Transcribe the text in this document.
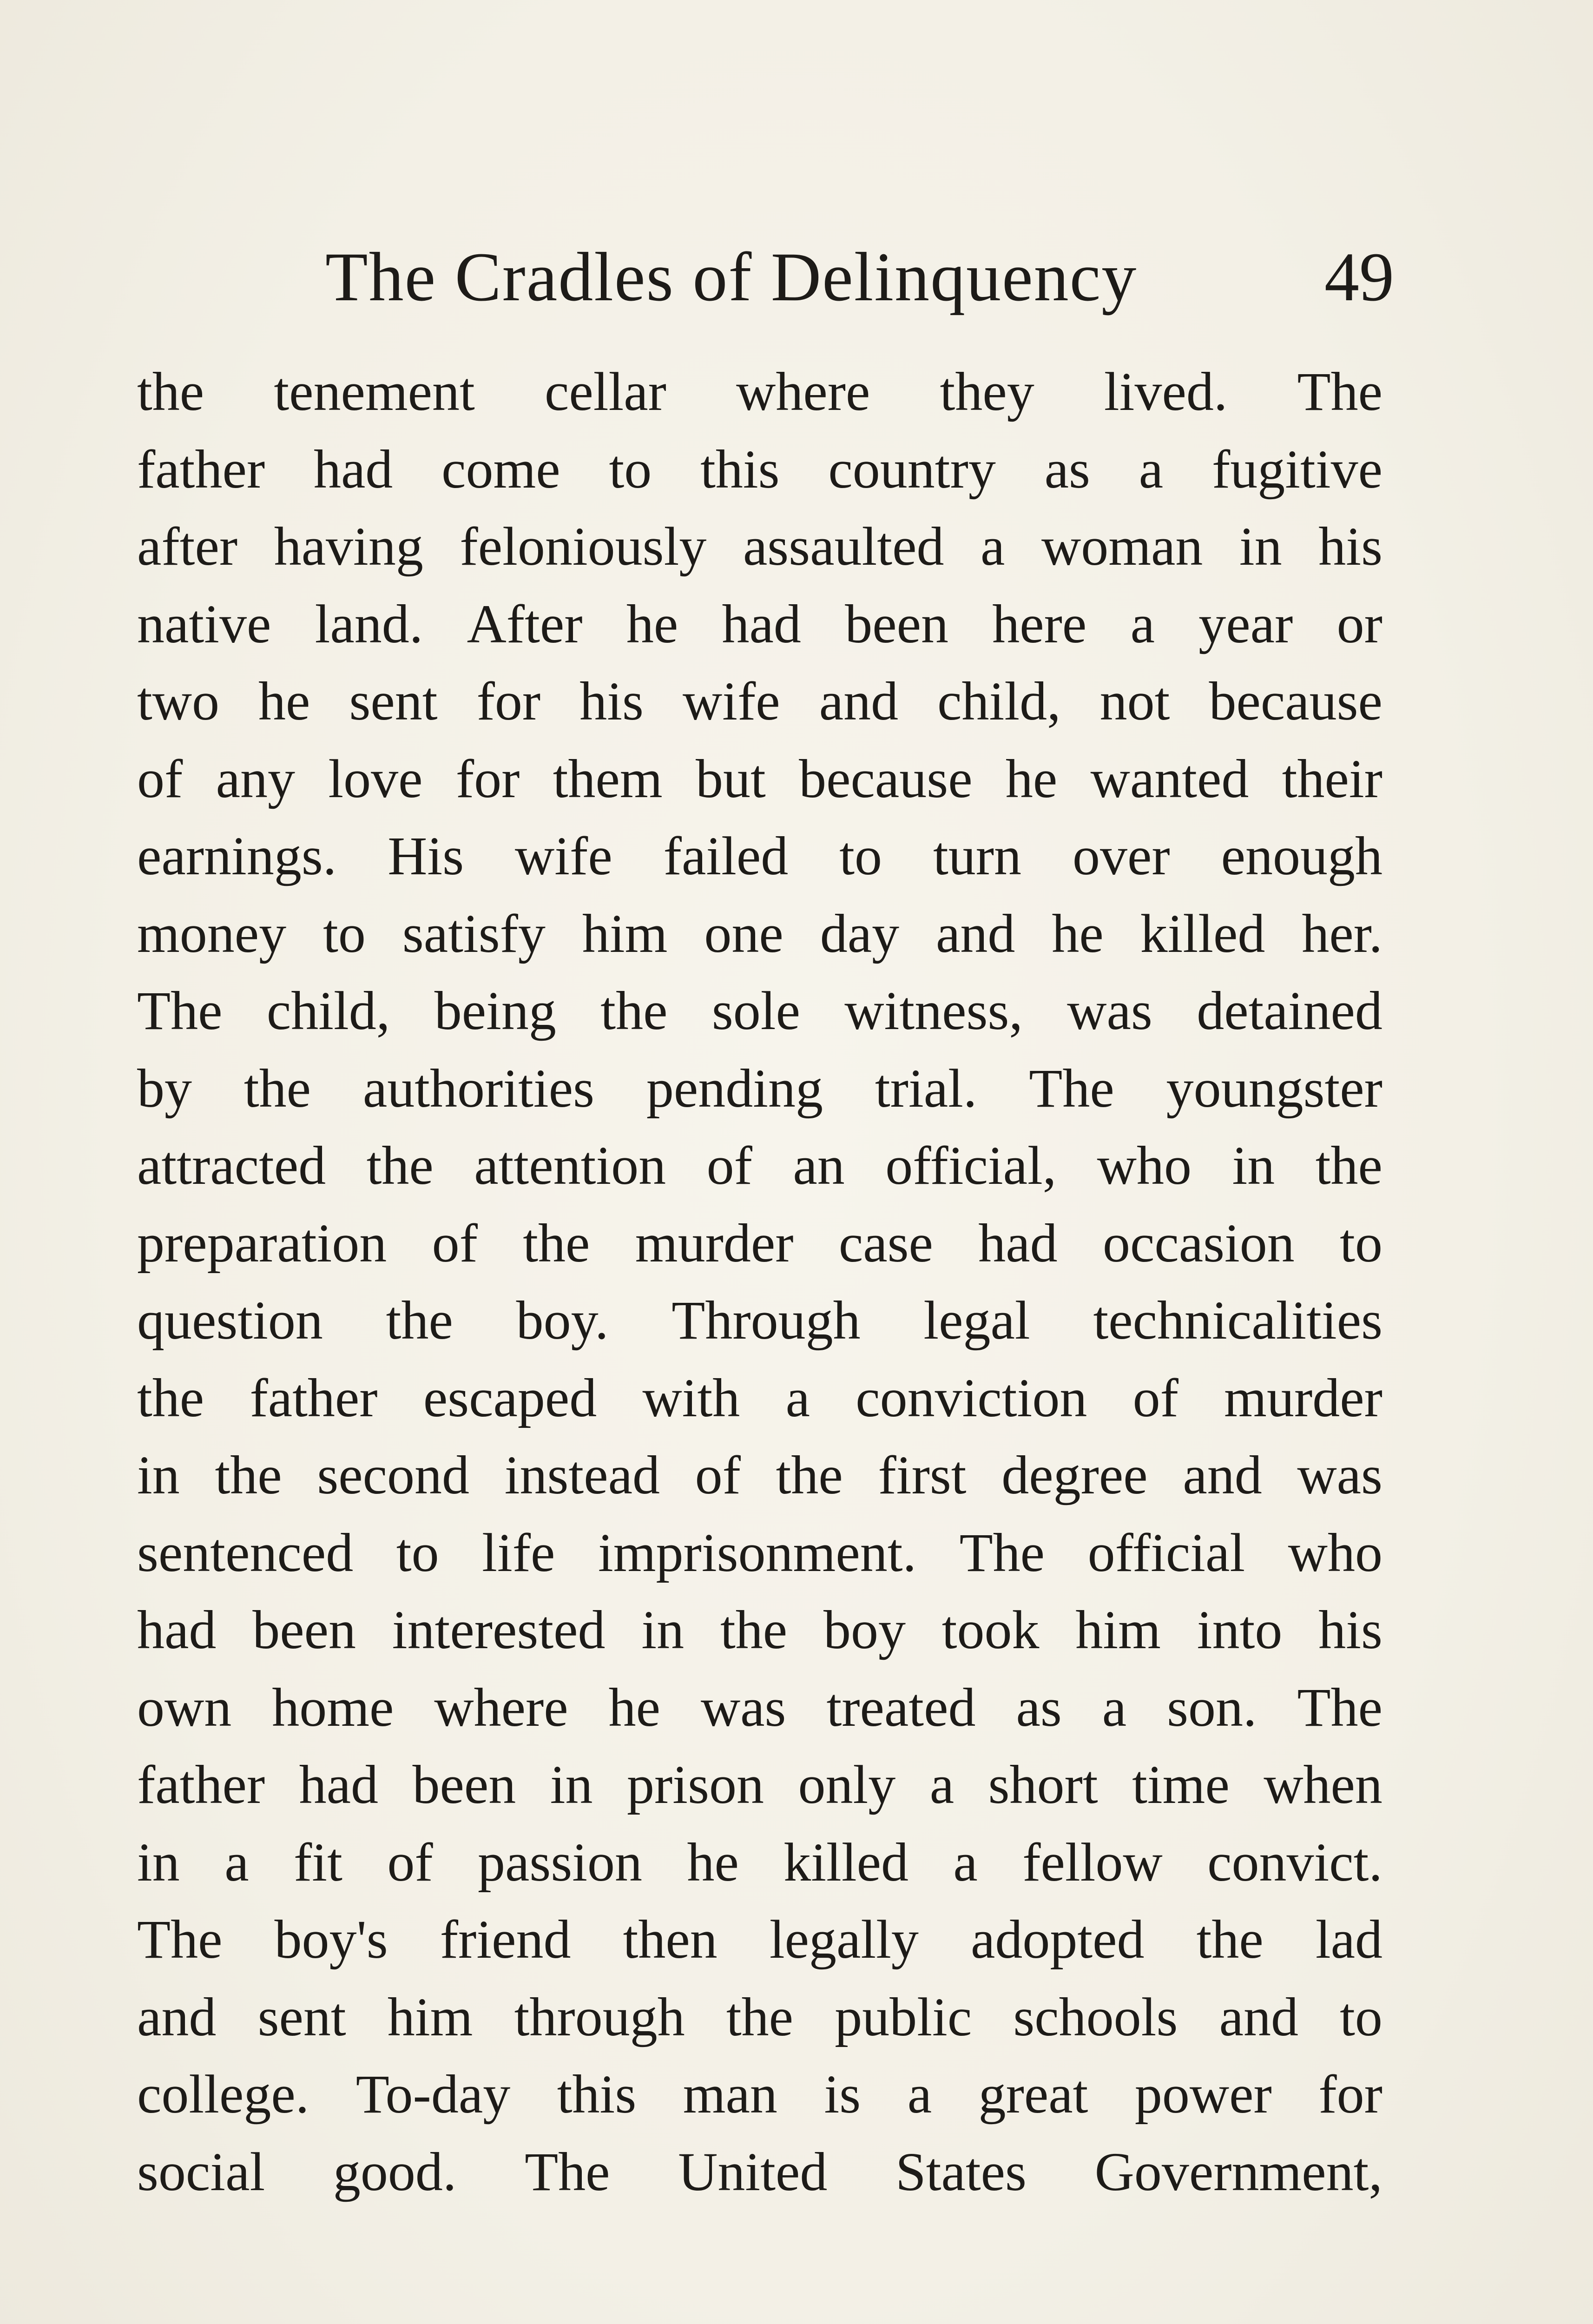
The Cradles of Delinquency	49
the tenement cellar where they lived. The
father had come to this country as a fugitive
after having feloniously assaulted a woman in his
native land. After he had been here a year or
two he sent for his wife and child, not because
of any love for them but because he wanted their
earnings. His wife failed to turn over enough
money to satisfy him one day and he killed her.
The child, being the sole witness, was detained
by the authorities pending trial. The youngster
attracted the attention of an official, who in the
preparation of the murder case had occasion to
question the boy. Through legal technicalities
the father escaped with a conviction of murder
in the second instead of the first degree and was
sentenced to life imprisonment. The official who
had been interested in the boy took him into his
own home where he was treated as a son. The
father had been in prison only a short time when
in a fit of passion he killed a fellow convict.
The boy's friend then legally adopted the lad
and sent him through the public schools and to
college. To-day this man is a great power for
social good. The United States Government,
